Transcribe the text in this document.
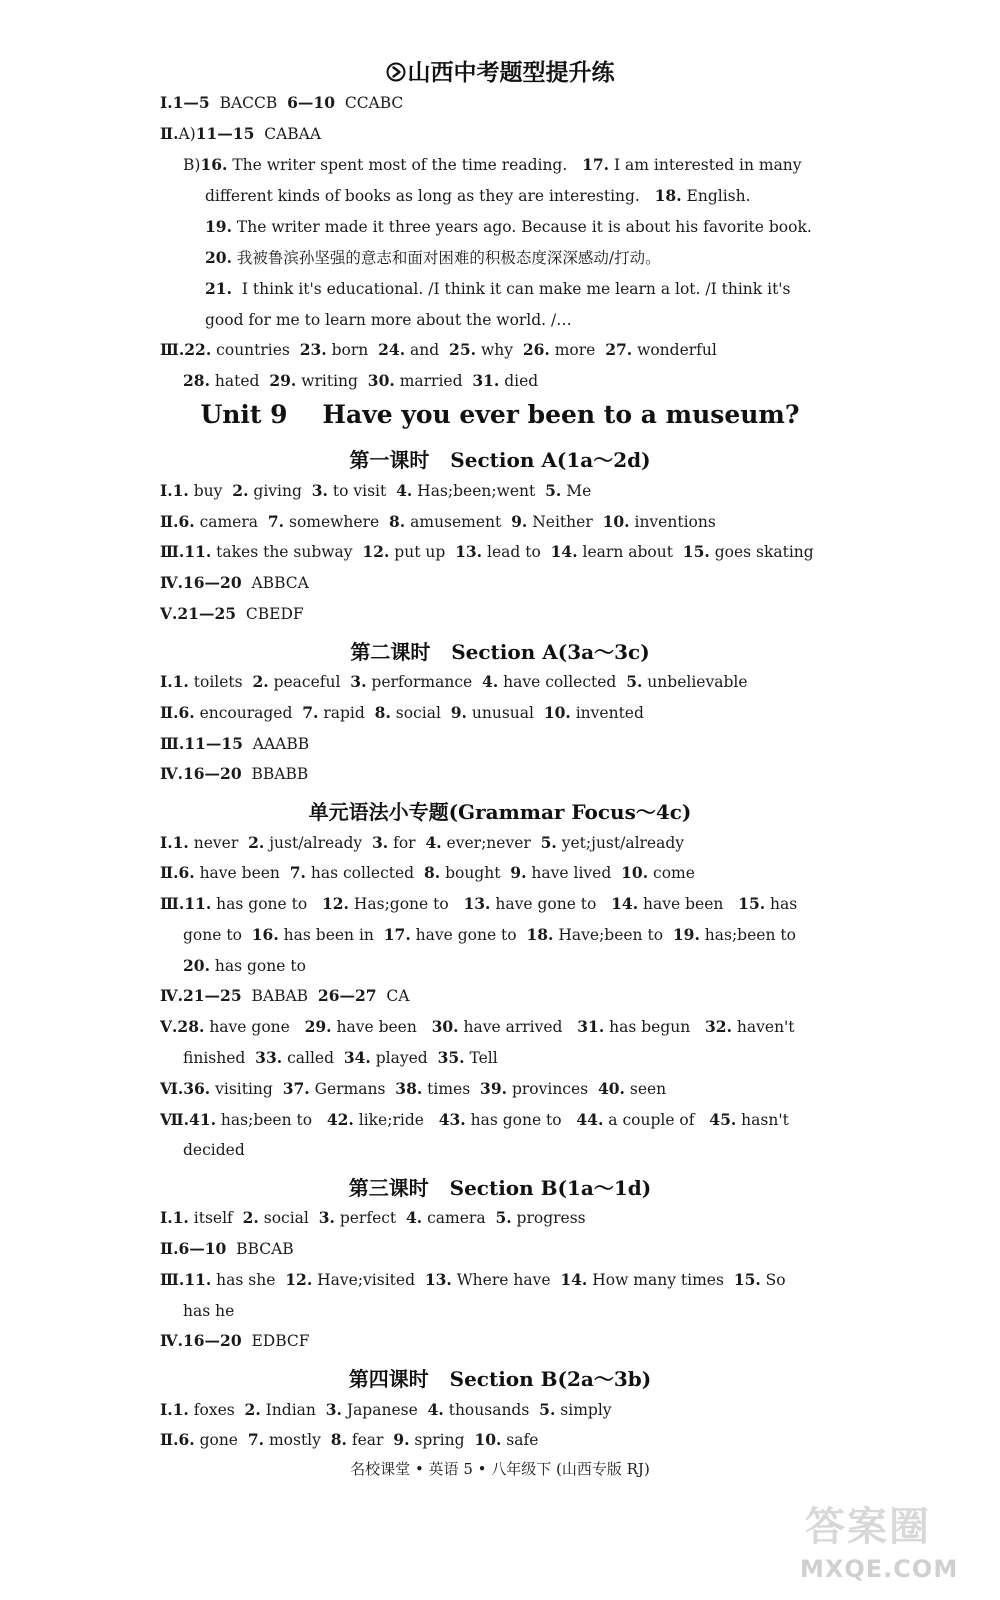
山西中考题型提升练

Ⅰ.1—5  BACCB  6—10  CCABC

Ⅱ.A)11—15  CABAA

B)16. The writer spent most of the time reading.   17. I am interested in many

different kinds of books as long as they are interesting.   18. English.

19. The writer made it three years ago. Because it is about his favorite book.

20. 我被鲁滨孙坚强的意志和面对困难的积极态度深深感动/打动。

21.  I think it's educational. /I think it can make me learn a lot. /I think it's

good for me to learn more about the world. /…

Ⅲ.22. countries  23. born  24. and  25. why  26. more  27. wonderful

28. hated  29. writing  30. married  31. died

Unit 9    Have you ever been to a museum?
第一课时   Section A(1a～2d)

Ⅰ.1. buy  2. giving  3. to visit  4. Has;been;went  5. Me

Ⅱ.6. camera  7. somewhere  8. amusement  9. Neither  10. inventions

Ⅲ.11. takes the subway  12. put up  13. lead to  14. learn about  15. goes skating

Ⅳ.16—20  ABBCA

Ⅴ.21—25  CBEDF

第二课时   Section A(3a～3c)

Ⅰ.1. toilets  2. peaceful  3. performance  4. have collected  5. unbelievable

Ⅱ.6. encouraged  7. rapid  8. social  9. unusual  10. invented

Ⅲ.11—15  AAABB

Ⅳ.16—20  BBABB

单元语法小专题(Grammar Focus～4c)

Ⅰ.1. never  2. just/already  3. for  4. ever;never  5. yet;just/already

Ⅱ.6. have been  7. has collected  8. bought  9. have lived  10. come

Ⅲ.11. has gone to   12. Has;gone to   13. have gone to   14. have been   15. has

gone to  16. has been in  17. have gone to  18. Have;been to  19. has;been to

20. has gone to

Ⅳ.21—25  BABAB  26—27  CA

Ⅴ.28. have gone   29. have been   30. have arrived   31. has begun   32. haven't

finished  33. called  34. played  35. Tell

Ⅵ.36. visiting  37. Germans  38. times  39. provinces  40. seen

Ⅶ.41. has;been to   42. like;ride   43. has gone to   44. a couple of   45. hasn't

decided

第三课时   Section B(1a～1d)

Ⅰ.1. itself  2. social  3. perfect  4. camera  5. progress

Ⅱ.6—10  BBCAB

Ⅲ.11. has she  12. Have;visited  13. Where have  14. How many times  15. So

has he

Ⅳ.16—20  EDBCF

第四课时   Section B(2a～3b)

Ⅰ.1. foxes  2. Indian  3. Japanese  4. thousands  5. simply

Ⅱ.6. gone  7. mostly  8. fear  9. spring  10. safe

名校课堂 • 英语 5 • 八年级下 (山西专版 RJ)
答案圈
MXQE.COM
